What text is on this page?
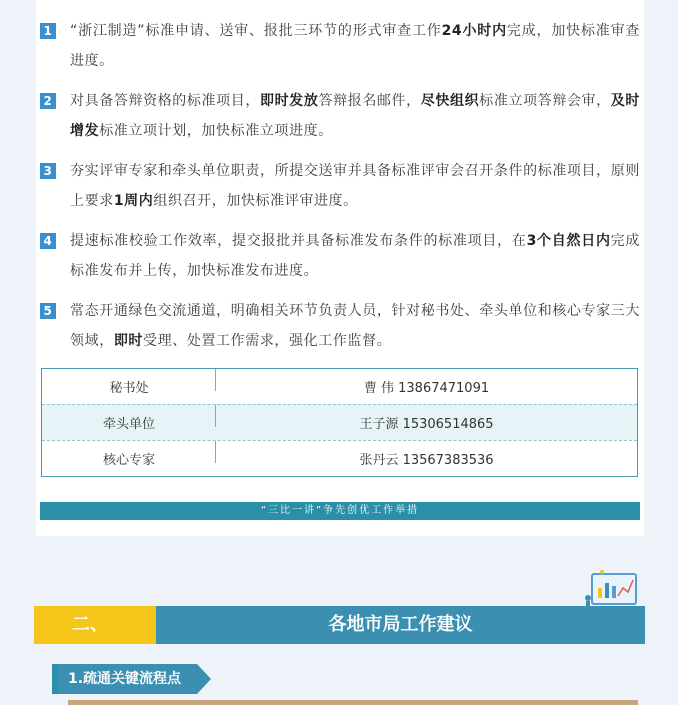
1 “浙江制造”标准申请、送审、报批三环节的形式审查工作24小时内完成，加快标准审查进度。
2 对具备答辩资格的标准项目，即时发放答辩报名邮件，尽快组织标准立项答辩会审，及时增发标准立项计划，加快标准立项进度。
3 夯实评审专家和牵头单位职责，所提交送审并具备标准评审会召开条件的标准项目，原则上要求1周内组织召开，加快标准评审进度。
4 提速标准校验工作效率，提交报批并具备标准发布条件的标准项目，在3个自然日内完成标准发布并上传，加快标准发布进度。
5 常态开通绿色交流通道，明确相关环节负责人员，针对秘书处、牵头单位和核心专家三大领域，即时受理、处置工作需求，强化工作监督。
秘书处	曹 伟 13867471091
牵头单位	王子源 15306514865
核心专家	张丹云 13567383536
“三比一讲”争先创优工作举措
二、	各地市局工作建议
1.疏通关键流程点
